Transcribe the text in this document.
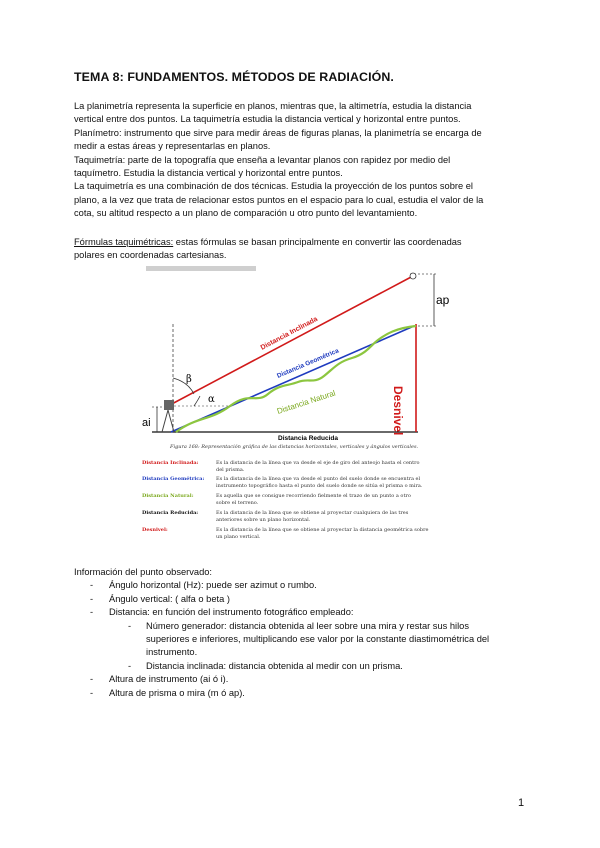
TEMA 8: FUNDAMENTOS. MÉTODOS DE RADIACIÓN.

La planimetría representa la superficie en planos, mientras que, la altimetría, estudia la distancia
vertical entre dos puntos. La taquimetría estudia la distancia vertical y horizontal entre puntos.
Planímetro: instrumento que sirve para medir áreas de figuras planas, la planimetría se encarga de
medir a estas áreas y representarlas en planos.
Taquimetría: parte de la topografía que enseña a levantar planos con rapidez por medio del
taquímetro. Estudia la distancia vertical y horizontal entre puntos.
La taquimetría es una combinación de dos técnicas. Estudia la proyección de los puntos sobre el
plano, a la vez que trata de relacionar estos puntos en el espacio para lo cual, estudia el valor de la
cota, su altitud respecto a un plano de comparación u otro punto del levantamiento.

Fórmulas taquimétricas: estas fórmulas se basan principalmente en convertir las coordenadas
polares en coordenadas cartesianas.

ap
ai
β
α	Desnivel
Distancia Inclinada
Distancia Geométrica
Distancia Natural
Distancia Reducida
Figura 168: Representación gráfica de las distancias horizontales, verticales y ángulos verticales.
Distancia Inclinada:	Es la distancia de la línea que va desde el eje de giro del anteojo hasta el centro
del prisma.
Distancia Geométrica: Es la distancia de la línea que va desde el punto del suelo donde se encuentra el
instrumento topográfico hasta el punto del suelo donde se sitúa el prisma o mira.
Distancia Natural:	Es aquella que se consigue recorriendo fielmente el trazo de un punto a otro
sobre el terreno.
Distancia Reducida:	Es la distancia de la línea que se obtiene al proyectar cualquiera de las tres
anteriores sobre un plano horizontal.
Desnivel:	Es la distancia de la línea que se obtiene al proyectar la distancia geométrica sobre
un plano vertical.
Información del punto observado:
- Ángulo horizontal (Hz): puede ser azimut o rumbo.
- Ángulo vertical: ( alfa o beta )
- Distancia: en función del instrumento fotográfico empleado:
- Número generador: distancia obtenida al leer sobre una mira y restar sus hilos
superiores e inferiores, multiplicando ese valor por la constante diastimométrica del
instrumento.
- Distancia inclinada: distancia obtenida al medir con un prisma.
- Altura de instrumento (ai ó i).
- Altura de prisma o mira (m ó ap).
1
